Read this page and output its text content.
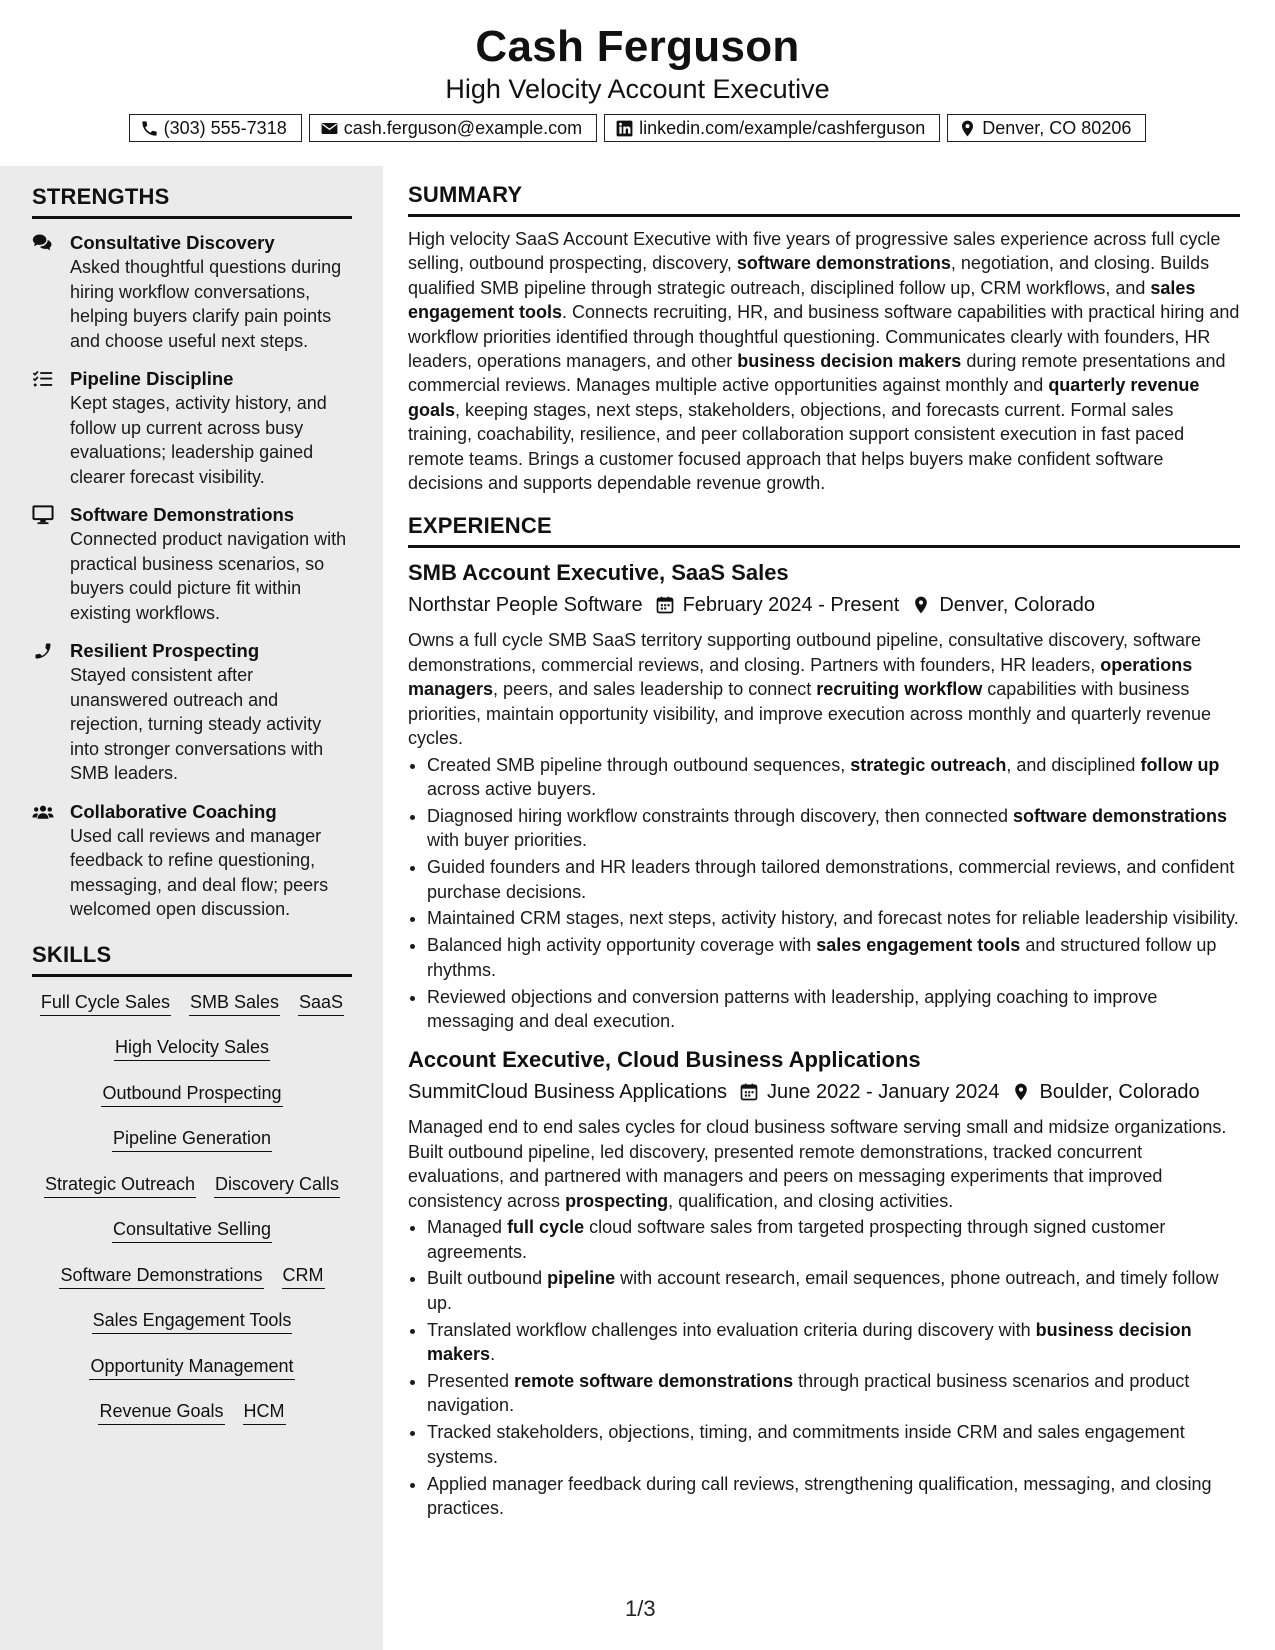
Cash Ferguson
High Velocity Account Executive
(303) 555-7318	cash.ferguson@example.com	linkedin.com/example/cashferguson	Denver, CO 80206
STRENGTHS
Consultative Discovery
Asked thoughtful questions during hiring workflow conversations, helping buyers clarify pain points and choose useful next steps.
Pipeline Discipline
Kept stages, activity history, and follow up current across busy evaluations; leadership gained clearer forecast visibility.
Software Demonstrations
Connected product navigation with practical business scenarios, so buyers could picture fit within existing workflows.
Resilient Prospecting
Stayed consistent after unanswered outreach and rejection, turning steady activity into stronger conversations with SMB leaders.
Collaborative Coaching
Used call reviews and manager feedback to refine questioning, messaging, and deal flow; peers welcomed open discussion.
SKILLS
Full Cycle Sales SMB Sales SaaS
High Velocity Sales
Outbound Prospecting
Pipeline Generation
Strategic Outreach Discovery Calls
Consultative Selling
Software Demonstrations CRM
Sales Engagement Tools
Opportunity Management
Revenue Goals HCM
SUMMARY

High velocity SaaS Account Executive with five years of progressive sales experience across full cycle selling, outbound prospecting, discovery, software demonstrations, negotiation, and closing. Builds qualified SMB pipeline through strategic outreach, disciplined follow up, CRM workflows, and sales engagement tools. Connects recruiting, HR, and business software capabilities with practical hiring and workflow priorities identified through thoughtful questioning. Communicates clearly with founders, HR leaders, operations managers, and other business decision makers during remote presentations and commercial reviews. Manages multiple active opportunities against monthly and quarterly revenue goals, keeping stages, next steps, stakeholders, objections, and forecasts current. Formal sales training, coachability, resilience, and peer collaboration support consistent execution in fast paced remote teams. Brings a customer focused approach that helps buyers make confident software decisions and supports dependable revenue growth.

EXPERIENCE
SMB Account Executive, SaaS Sales
Northstar People Software February 2024 - Present Denver, Colorado

Owns a full cycle SMB SaaS territory supporting outbound pipeline, consultative discovery, software demonstrations, commercial reviews, and closing. Partners with founders, HR leaders, operations managers, peers, and sales leadership to connect recruiting workflow capabilities with business priorities, maintain opportunity visibility, and improve execution across monthly and quarterly revenue cycles.

• Created SMB pipeline through outbound sequences, strategic outreach, and disciplined follow up across active buyers.
• Diagnosed hiring workflow constraints through discovery, then connected software demonstrations with buyer priorities.
• Guided founders and HR leaders through tailored demonstrations, commercial reviews, and confident purchase decisions.
• Maintained CRM stages, next steps, activity history, and forecast notes for reliable leadership visibility.
• Balanced high activity opportunity coverage with sales engagement tools and structured follow up rhythms.
• Reviewed objections and conversion patterns with leadership, applying coaching to improve messaging and deal execution.
Account Executive, Cloud Business Applications
SummitCloud Business Applications June 2022 - January 2024 Boulder, Colorado

Managed end to end sales cycles for cloud business software serving small and midsize organizations. Built outbound pipeline, led discovery, presented remote demonstrations, tracked concurrent evaluations, and partnered with managers and peers on messaging experiments that improved consistency across prospecting, qualification, and closing activities.

• Managed full cycle cloud software sales from targeted prospecting through signed customer agreements.
• Built outbound pipeline with account research, email sequences, phone outreach, and timely follow up.
• Translated workflow challenges into evaluation criteria during discovery with business decision makers.
• Presented remote software demonstrations through practical business scenarios and product navigation.
• Tracked stakeholders, objections, timing, and commitments inside CRM and sales engagement systems.
• Applied manager feedback during call reviews, strengthening qualification, messaging, and closing practices.
1/3
